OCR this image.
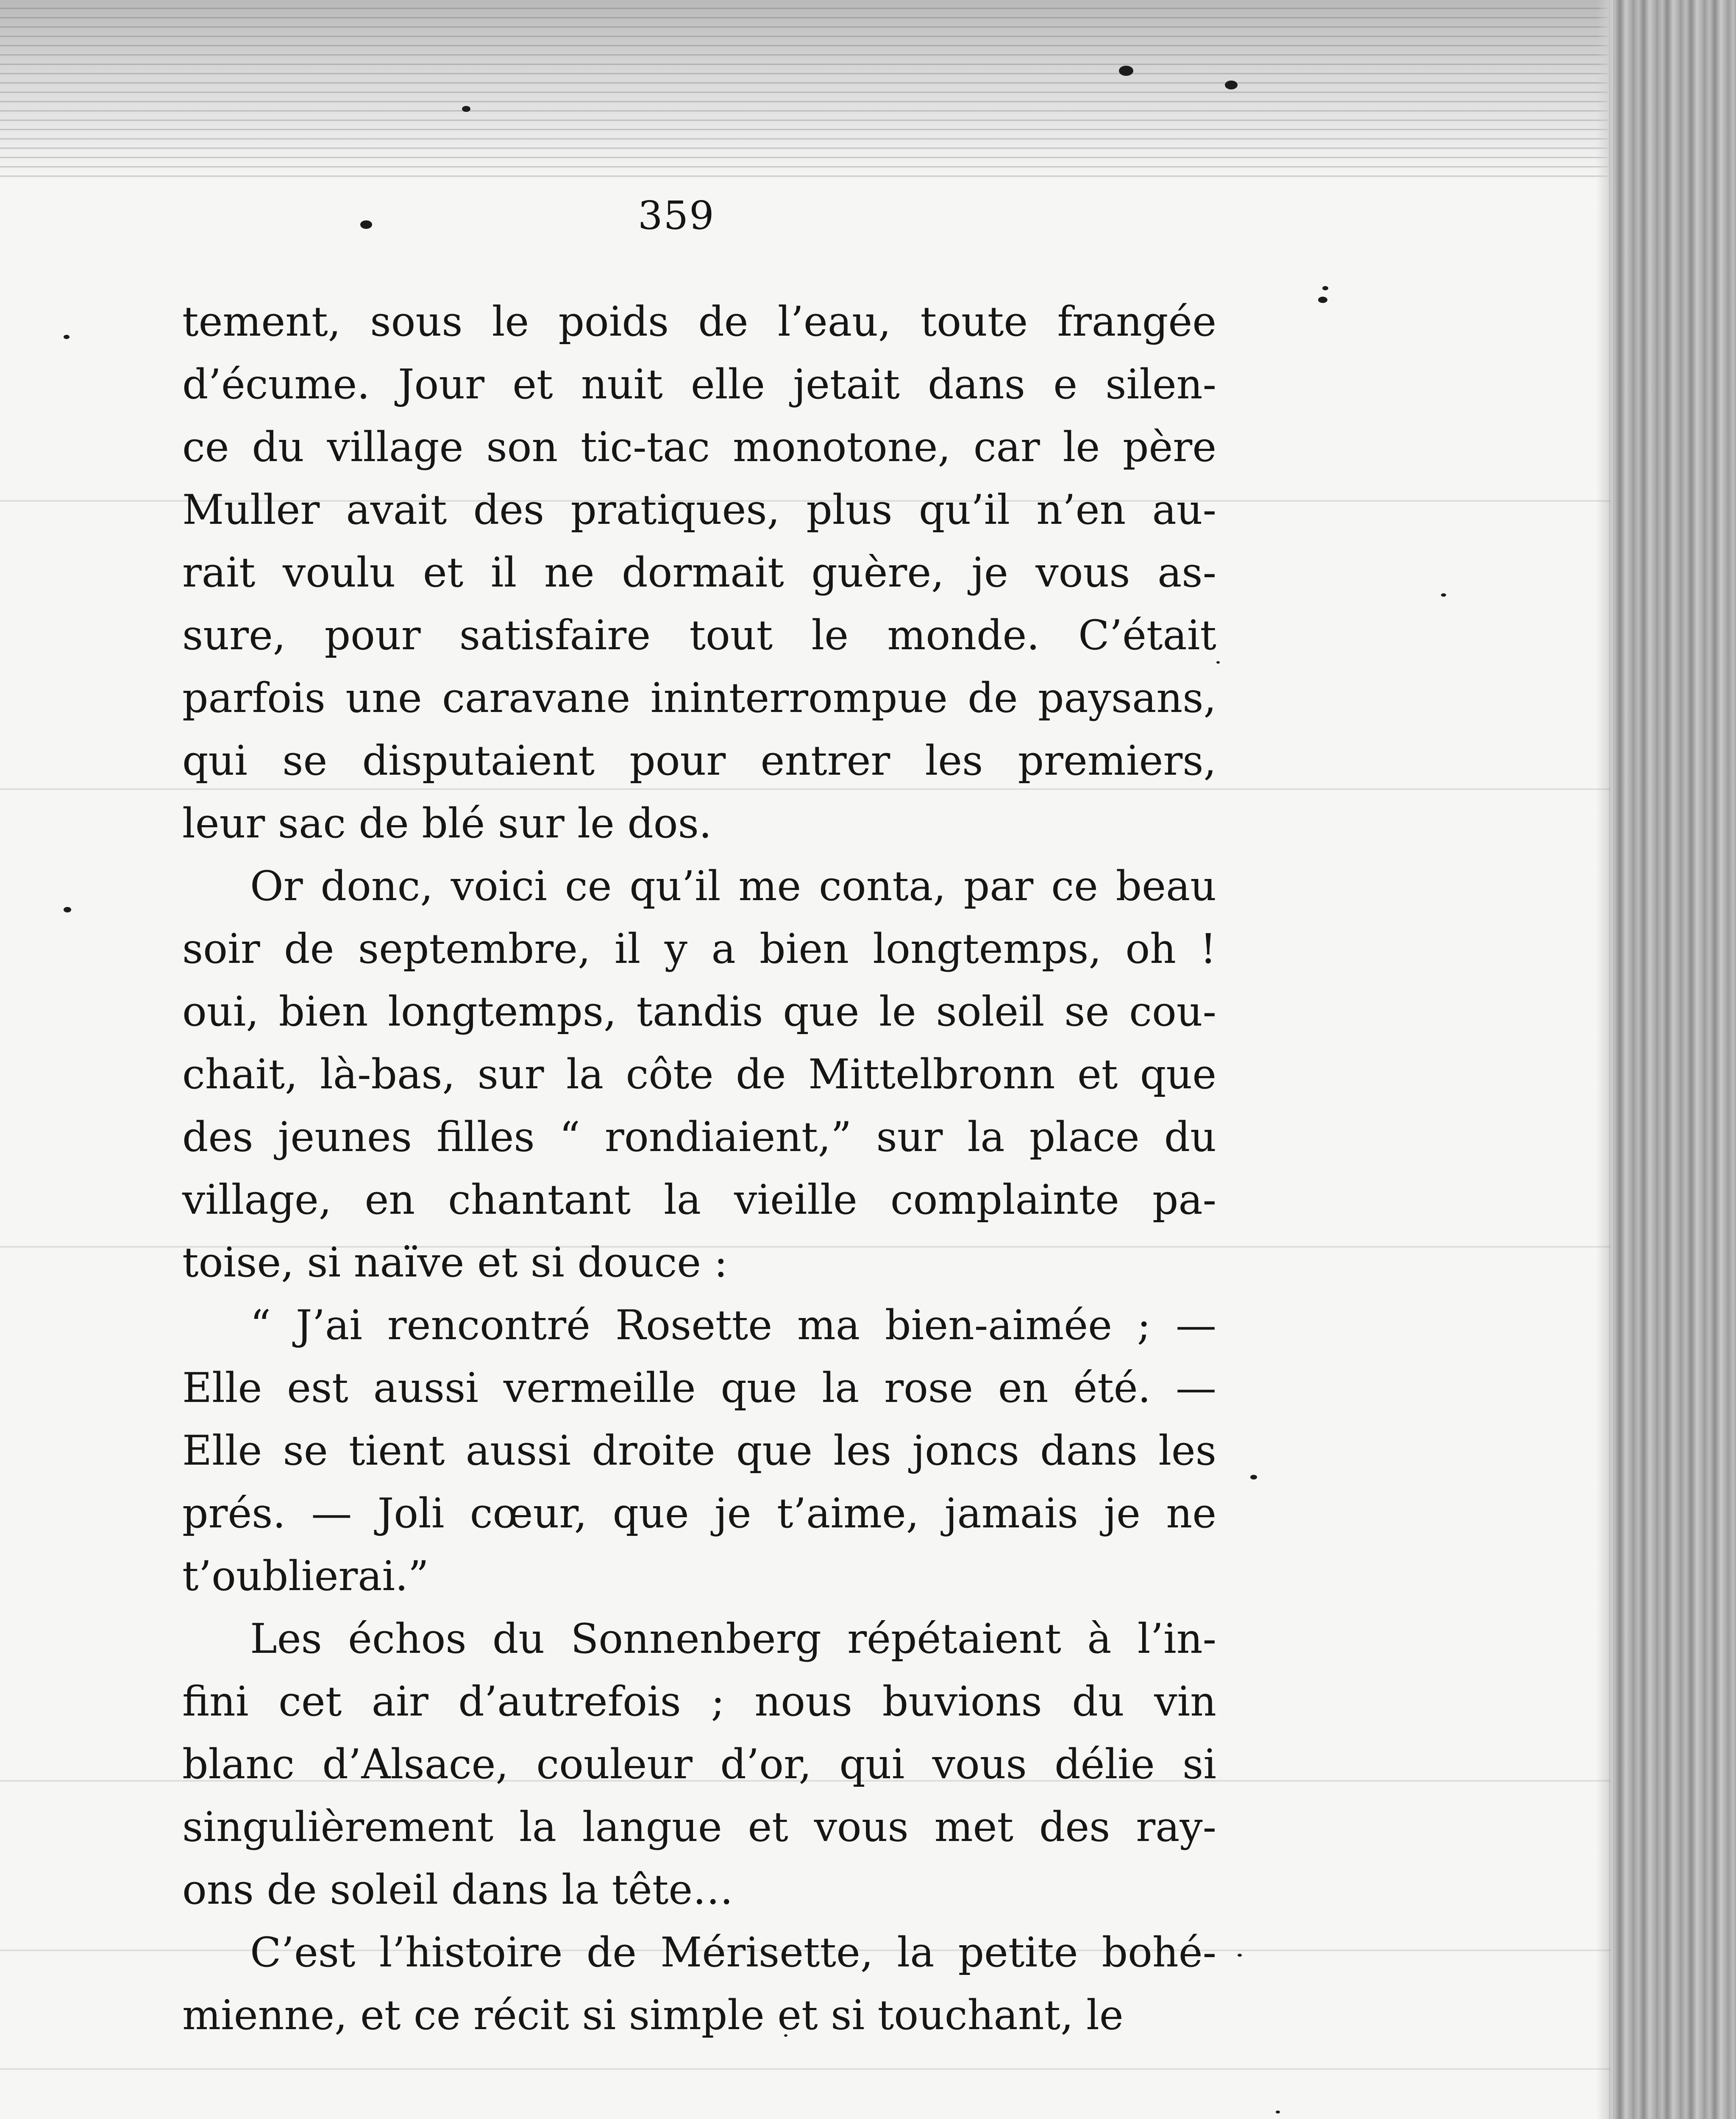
359

tement, sous le poids de l’eau, toute frangée
d’écume. Jour et nuit elle jetait dans e silen-
ce du village son tic-tac monotone, car le père
Muller avait des pratiques, plus qu’il n’en au-
rait voulu et il ne dormait guère, je vous as-
sure, pour satisfaire tout le monde. C’était
parfois une caravane ininterrompue de paysans,
qui se disputaient pour entrer les premiers,
leur sac de blé sur le dos.

Or donc, voici ce qu’il me conta, par ce beau
soir de septembre, il y a bien longtemps, oh !
oui, bien longtemps, tandis que le soleil se cou-
chait, là-bas, sur la côte de Mittelbronn et que
des jeunes filles “ rondiaient,” sur la place du
village, en chantant la vieille complainte pa-
toise, si naïve et si douce :

“ J’ai rencontré Rosette ma bien-aimée ; —
Elle est aussi vermeille que la rose en été. —
Elle se tient aussi droite que les joncs dans les
prés. — Joli cœur, que je t’aime, jamais je ne
t’oublierai.”

Les échos du Sonnenberg répétaient à l’in-
fini cet air d’autrefois ; nous buvions du vin
blanc d’Alsace, couleur d’or, qui vous délie si
singulièrement la langue et vous met des ray-
ons de soleil dans la tête…

C’est l’histoire de Mérisette, la petite bohé-
mienne, et ce récit si simple et si touchant, le
